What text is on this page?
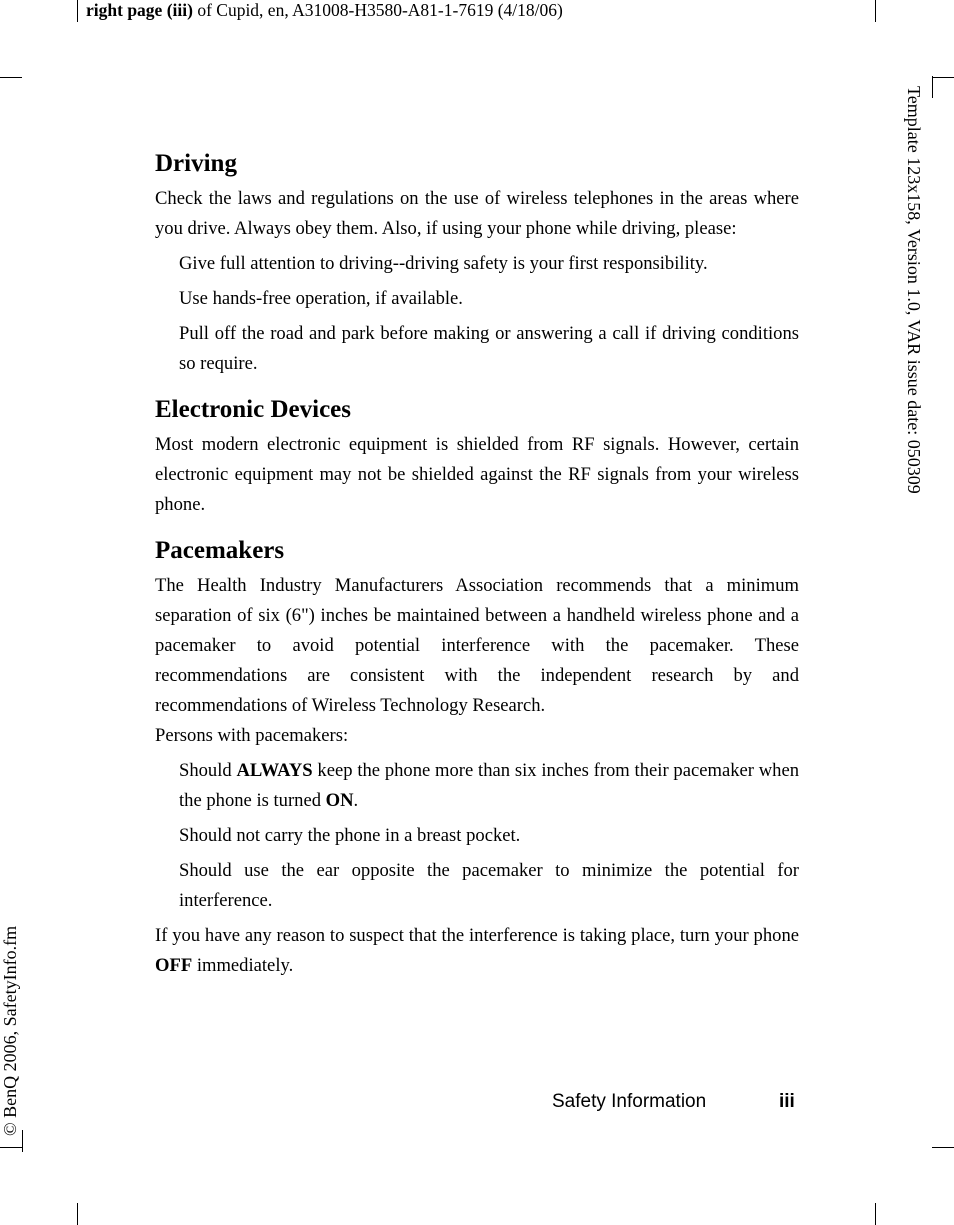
right page (iii) of Cupid, en, A31008-H3580-A81-1-7619 (4/18/06)
Template 123x158, Version 1.0, VAR issue date: 050309
© BenQ 2006, SafetyInfo.fm
Driving

Check the laws and regulations on the use of wireless telephones in the areas where you drive. Always obey them. Also, if using your phone while driving, please:

Give full attention to driving--driving safety is your first responsibility.

Use hands-free operation, if available.

Pull off the road and park before making or answering a call if driving conditions so require.

Electronic Devices

Most modern electronic equipment is shielded from RF signals. However, certain electronic equipment may not be shielded against the RF signals from your wireless phone.

Pacemakers

The Health Industry Manufacturers Association recommends that a minimum separation of six (6") inches be maintained between a handheld wireless phone and a pacemaker to avoid potential interference with the pacemaker. These recommendations are consistent with the independent research by and recommendations of Wireless Technology Research.

Persons with pacemakers:

Should ALWAYS keep the phone more than six inches from their pacemaker when the phone is turned ON.

Should not carry the phone in a breast pocket.

Should use the ear opposite the pacemaker to minimize the potential for interference.

If you have any reason to suspect that the interference is taking place, turn your phone OFF immediately.

Safety Information	iii
